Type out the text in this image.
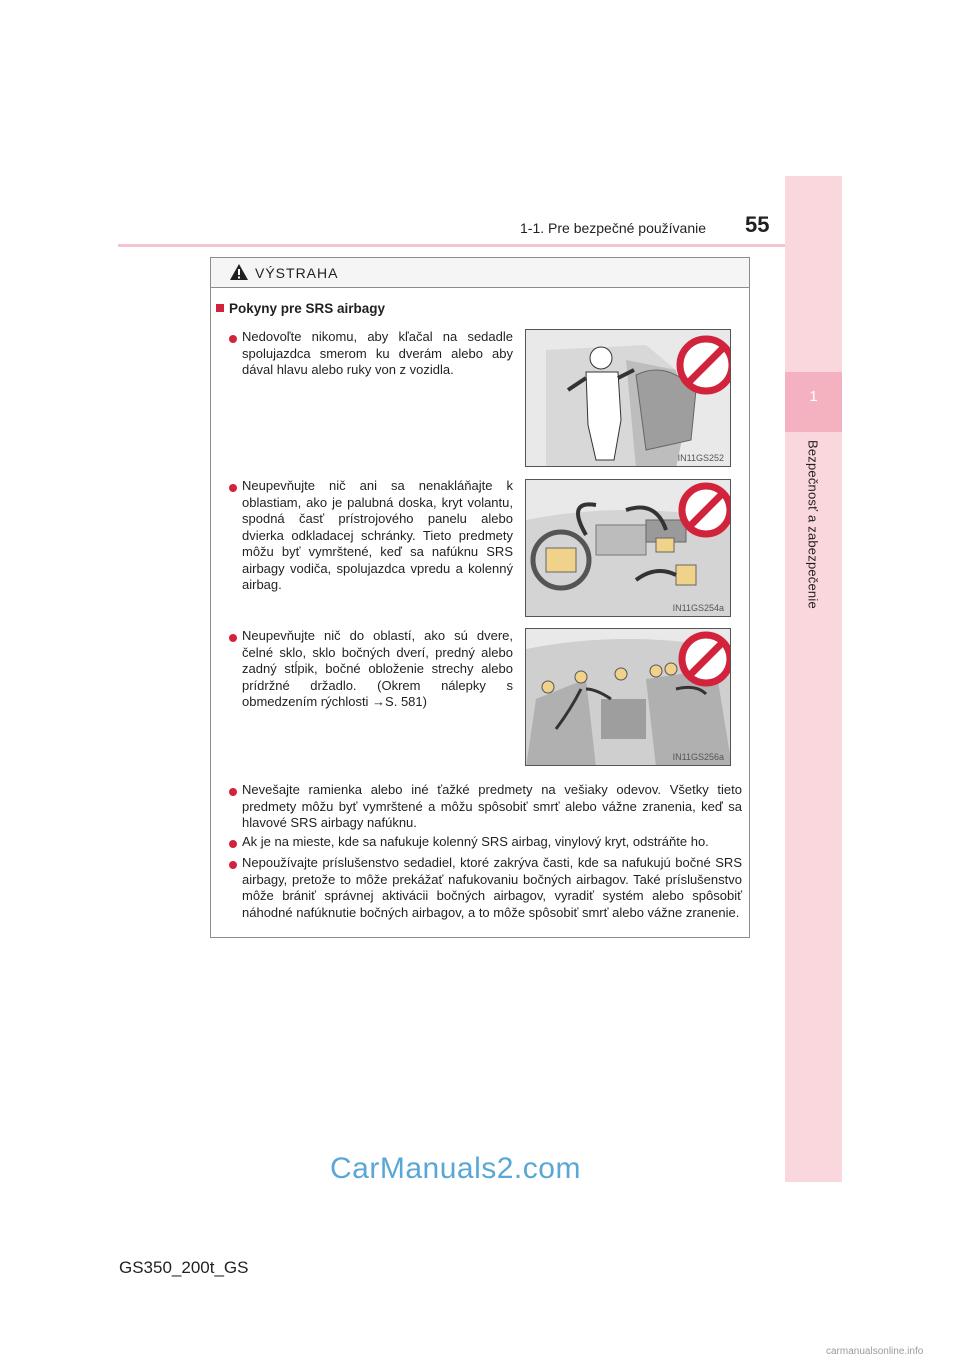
1-1. Pre bezpečné používanie 55
1
Bezpečnosť a zabezpečenie
VÝSTRAHA
Pokyny pre SRS airbagy
Nedovoľte nikomu, aby kľačal na sedadle spolujazdca smerom ku dverám alebo aby dával hlavu alebo ruky von z vozidla.
IN11GS252
Neupevňujte nič ani sa nenakláňajte k oblastiam, ako je palubná doska, kryt volantu, spodná časť prístrojového panelu alebo dvierka odkladacej schránky. Tieto predmety môžu byť vymrštené, keď sa nafúknu SRS airbagy vodiča, spolujazdca vpredu a kolenný airbag.
IN11GS254a
Neupevňujte nič do oblastí, ako sú dvere, čelné sklo, sklo bočných dverí, predný alebo zadný stĺpik, bočné obloženie strechy alebo prídržné držadlo. (Okrem nálepky s obmedzením rýchlosti →S. 581)
IN11GS256a
Nevešajte ramienka alebo iné ťažké predmety na vešiaky odevov. Všetky tieto predmety môžu byť vymrštené a môžu spôsobiť smrť alebo vážne zranenia, keď sa hlavové SRS airbagy nafúknu.
Ak je na mieste, kde sa nafukuje kolenný SRS airbag, vinylový kryt, odstráňte ho.
Nepoužívajte príslušenstvo sedadiel, ktoré zakrýva časti, kde sa nafukujú bočné SRS airbagy, pretože to môže prekážať nafukovaniu bočných airbagov. Také príslušenstvo môže brániť správnej aktivácii bočných airbagov, vyradiť systém alebo spôsobiť náhodné nafúknutie bočných airbagov, a to môže spôsobiť smrť alebo vážne zranenie.
CarManuals2.com
GS350_200t_GS
carmanualsonline.info
